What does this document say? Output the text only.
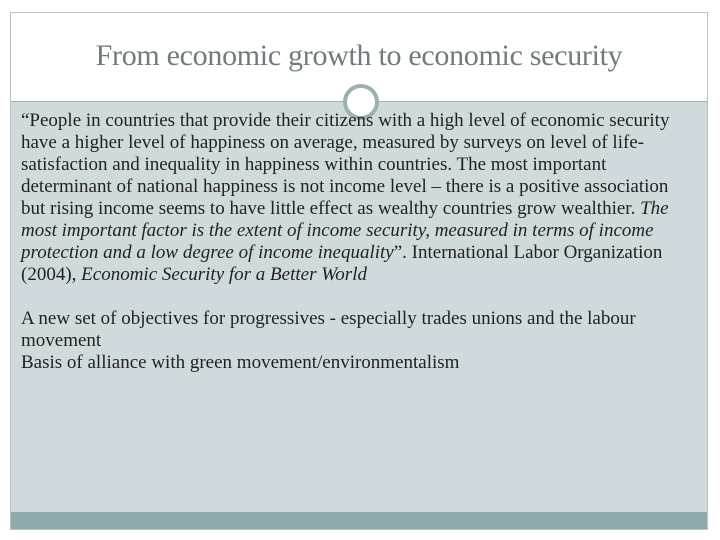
From economic growth to economic security

“People in countries that provide their citizens with a high level of economic security have a higher level of happiness on average, measured by surveys on level of life-satisfaction and inequality in happiness within countries. The most important determinant of national happiness is not income level – there is a positive association but rising income seems to have little effect as wealthy countries grow wealthier. The most important factor is the extent of income security, measured in terms of income protection and a low degree of income inequality”. International Labor Organization (2004), Economic Security for a Better World

A new set of objectives for progressives - especially trades unions and the labour movement

Basis of alliance with green movement/environmentalism
